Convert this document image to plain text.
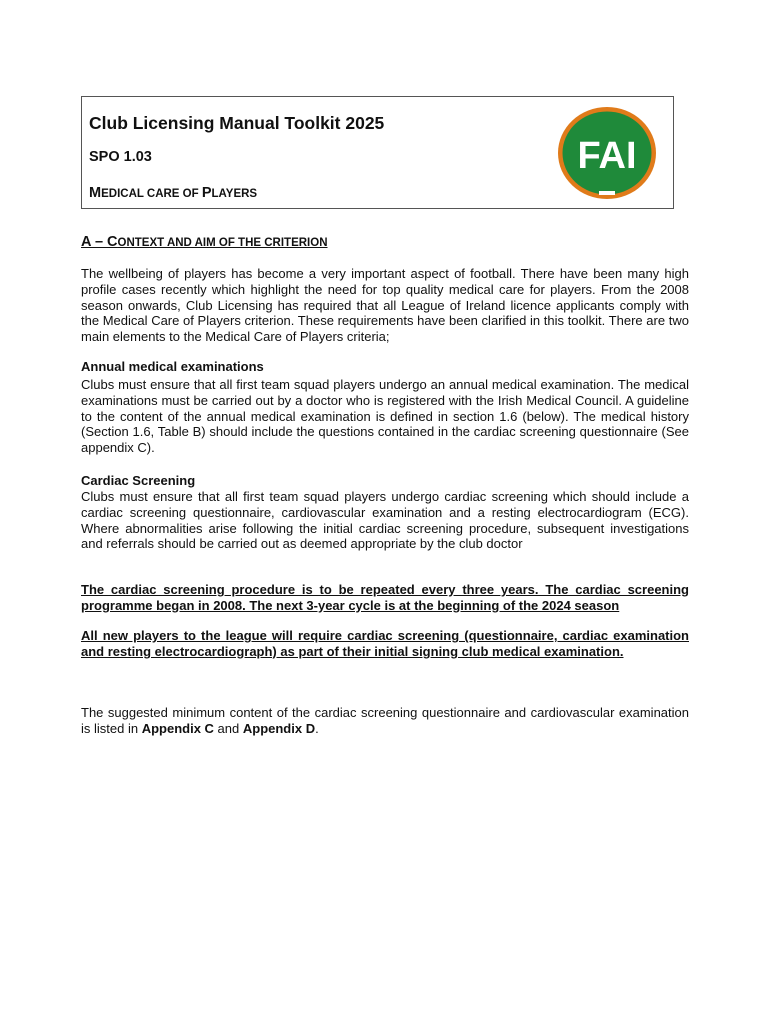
Club Licensing Manual Toolkit 2025
SPO 1.03
MEDICAL CARE OF PLAYERS
FAI
A – CONTEXT AND AIM OF THE CRITERION

The wellbeing of players has become a very important aspect of football. There have been many high profile cases recently which highlight the need for top quality medical care for players. From the 2008 season onwards, Club Licensing has required that all League of Ireland licence applicants comply with the Medical Care of Players criterion. These requirements have been clarified in this toolkit. There are two main elements to the Medical Care of Players criteria;

Annual medical examinations

Clubs must ensure that all first team squad players undergo an annual medical examination. The medical examinations must be carried out by a doctor who is registered with the Irish Medical Council. A guideline to the content of the annual medical examination is defined in section 1.6 (below). The medical history (Section 1.6, Table B) should include the questions contained in the cardiac screening questionnaire (See appendix C).

Cardiac Screening

Clubs must ensure that all first team squad players undergo cardiac screening which should include a cardiac screening questionnaire, cardiovascular examination and a resting electrocardiogram (ECG). Where abnormalities arise following the initial cardiac screening procedure, subsequent investigations and referrals should be carried out as deemed appropriate by the club doctor

The cardiac screening procedure is to be repeated every three years. The cardiac screening programme began in 2008. The next 3-year cycle is at the beginning of the 2024 season

All new players to the league will require cardiac screening (questionnaire, cardiac examination and resting electrocardiograph) as part of their initial signing club medical examination.

The suggested minimum content of the cardiac screening questionnaire and cardiovascular examination is listed in Appendix C and Appendix D.
